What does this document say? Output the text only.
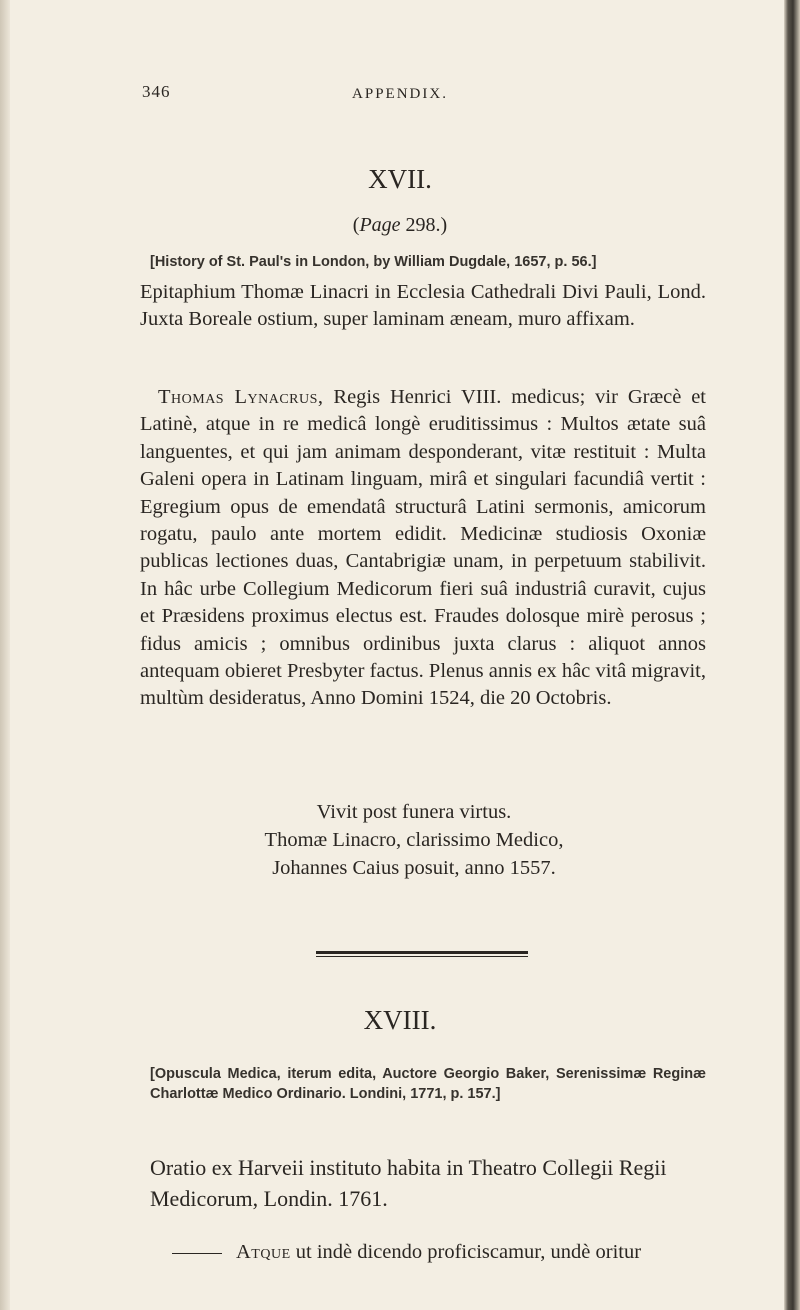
346	APPENDIX.
XVII.
(Page 298.)
[History of St. Paul's in London, by William Dugdale, 1657, p. 56.]
Epitaphium Thomæ Linacri in Ecclesia Cathedrali Divi Pauli, Lond. Juxta Boreale ostium, super laminam æneam, muro affixam.
Thomas Lynacrus, Regis Henrici VIII. medicus; vir Græcè et Latinè, atque in re medicâ longè eruditissimus : Multos ætate suâ languentes, et qui jam animam desponderant, vitæ restituit : Multa Galeni opera in Latinam linguam, mirâ et singulari facundiâ vertit : Egregium opus de emendatâ structurâ Latini sermonis, amicorum rogatu, paulo ante mortem edidit. Medicinæ studiosis Oxoniæ publicas lectiones duas, Cantabrigiæ unam, in perpetuum stabilivit. In hâc urbe Collegium Medicorum fieri suâ industriâ curavit, cujus et Præsidens proximus electus est. Fraudes dolosque mirè perosus ; fidus amicis ; omnibus ordinibus juxta clarus : aliquot annos antequam obieret Presbyter factus. Plenus annis ex hâc vitâ migravit, multùm desideratus, Anno Domini 1524, die 20 Octobris.
Vivit post funera virtus.
Thomæ Linacro, clarissimo Medico,
Johannes Caius posuit, anno 1557.
XVIII.
[Opuscula Medica, iterum edita, Auctore Georgio Baker, Serenissimæ Reginæ Charlottæ Medico Ordinario. Londini, 1771, p. 157.]
Oratio ex Harveii instituto habita in Theatro Collegii Regii Medicorum, Londin. 1761.
Atque ut indè dicendo proficiscamur, undè oritur
